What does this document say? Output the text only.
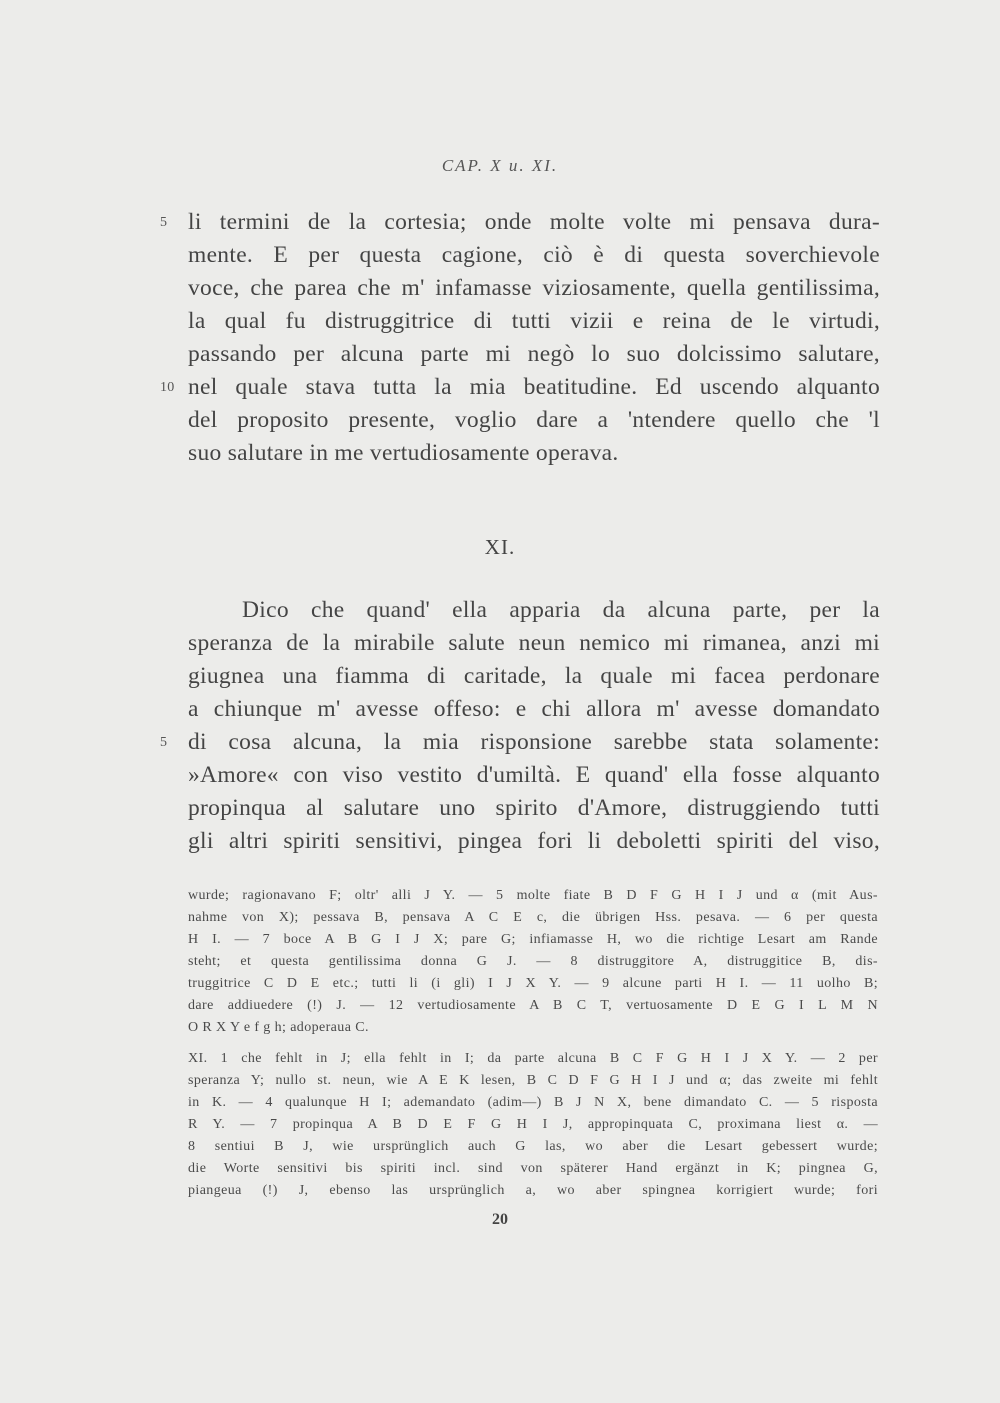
CAP. X u. XI.
5 li termini de la cortesia; onde molte volte mi pensava dura-
mente. E per questa cagione, ciò è di questa soverchievole
voce, che parea che m' infamasse viziosamente, quella gentilissima,
la qual fu distruggitrice di tutti vizii e reina de le virtudi,
passando per alcuna parte mi negò lo suo dolcissimo salutare,
10 nel quale stava tutta la mia beatitudine. Ed uscendo alquanto
del proposito presente, voglio dare a 'ntendere quello che 'l
suo salutare in me vertudiosamente operava.
XI.
Dico che quand' ella apparia da alcuna parte, per la
speranza de la mirabile salute neun nemico mi rimanea, anzi mi
giugnea una fiamma di caritade, la quale mi facea perdonare
a chiunque m' avesse offeso: e chi allora m' avesse domandato
5 di cosa alcuna, la mia risponsione sarebbe stata solamente:
»Amore« con viso vestito d'umiltà. E quand' ella fosse alquanto
propinqua al salutare uno spirito d'Amore, distruggiendo tutti
gli altri spiriti sensitivi, pingea fori li deboletti spiriti del viso,
wurde; ragionavano F; oltr' alli J Y. — 5 molte fiate B D F G H I J und α (mit Aus-
nahme von X); pessava B, pensava A C E c, die übrigen Hss. pesava. — 6 per questa
H I. — 7 boce A B G I J X; pare G; infiamasse H, wo die richtige Lesart am Rande
steht; et questa gentilissima donna G J. — 8 distruggitore A, distruggitice B, dis-
truggitrice C D E etc.; tutti li (i gli) I J X Y. — 9 alcune parti H I. — 11 uolho B;
dare addiuedere (!) J. — 12 vertudiosamente A B C T, vertuosamente D E G I L M N
O R X Y e f g h; adoperaua C.
XI. 1 che fehlt in J; ella fehlt in I; da parte alcuna B C F G H I J X Y. — 2 per
speranza Y; nullo st. neun, wie A E K lesen, B C D F G H I J und α; das zweite mi fehlt
in K. — 4 qualunque H I; ademandato (adim—) B J N X, bene dimandato C. — 5 risposta
R Y. — 7 propinqua A B D E F G H I J, appropinquata C, proximana liest α. —
8 sentiui B J, wie ursprünglich auch G las, wo aber die Lesart gebessert wurde;
die Worte sensitivi bis spiriti incl. sind von späterer Hand ergänzt in K; pingnea G,
piangeua (!) J, ebenso las ursprünglich a, wo aber spingnea korrigiert wurde; fori
20
